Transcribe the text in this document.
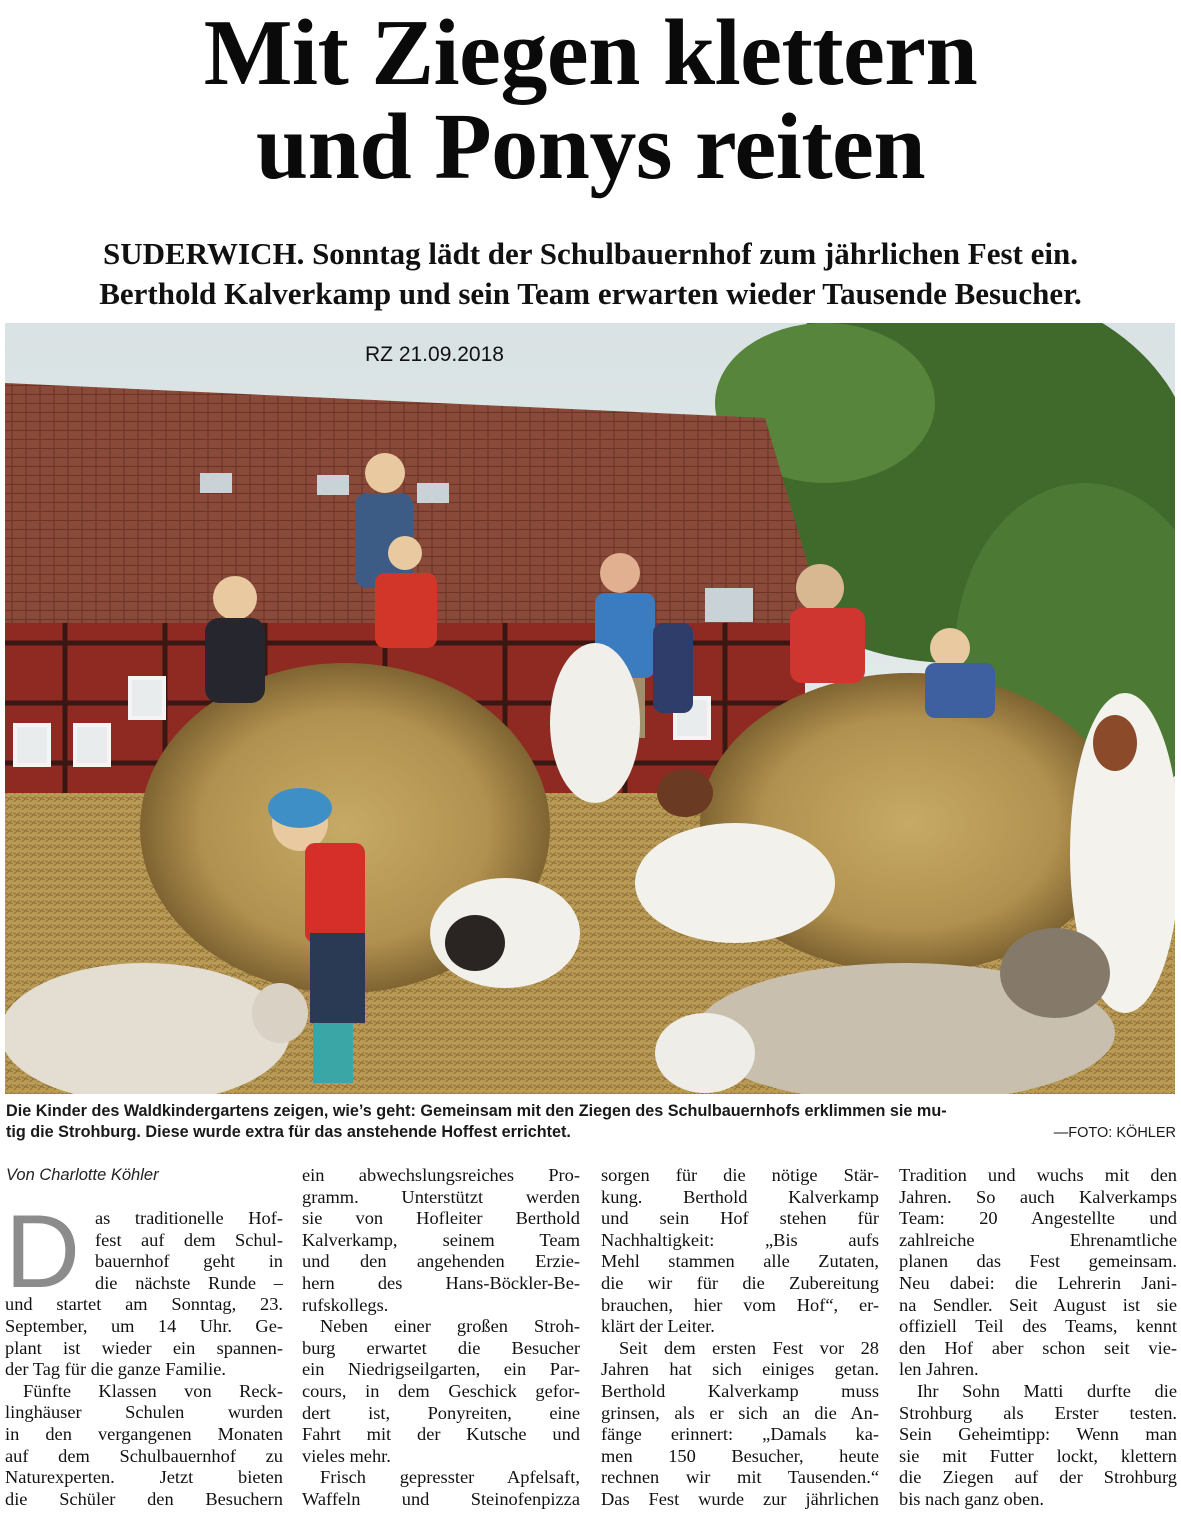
Mit Ziegen klettern
und Ponys reiten
SUDERWICH. Sonntag lädt der Schulbauernhof zum jährlichen Fest ein.
Berthold Kalverkamp und sein Team erwarten wieder Tausende Besucher.
RZ 21.09.2018
Die Kinder des Waldkindergartens zeigen, wie’s geht: Gemeinsam mit den Ziegen des Schulbauernhofs erklimmen sie mu-
tig die Strohburg. Diese wurde extra für das anstehende Hoffest errichtet.	—FOTO: KÖHLER
Von Charlotte Köhler
D as traditionelle Hof-
fest auf dem Schul-
bauernhof geht in
die nächste Runde –
und startet am Sonntag, 23.
September, um 14 Uhr. Ge-
plant ist wieder ein spannen-
der Tag für die ganze Familie.
Fünfte Klassen von Reck-
linghäuser Schulen wurden
in den vergangenen Monaten
auf dem Schulbauernhof zu
Naturexperten. Jetzt bieten
die Schüler den Besuchern
ein abwechslungsreiches Pro-
gramm. Unterstützt werden
sie von Hofleiter Berthold
Kalverkamp, seinem Team
und den angehenden Erzie-
hern des Hans-Böckler-Be-
rufskollegs.
Neben einer großen Stroh-
burg erwartet die Besucher
ein Niedrigseilgarten, ein Par-
cours, in dem Geschick gefor-
dert ist, Ponyreiten, eine
Fahrt mit der Kutsche und
vieles mehr.
Frisch gepresster Apfelsaft,
Waffeln und Steinofenpizza
sorgen für die nötige Stär-
kung. Berthold Kalverkamp
und sein Hof stehen für
Nachhaltigkeit: „Bis aufs
Mehl stammen alle Zutaten,
die wir für die Zubereitung
brauchen, hier vom Hof“, er-
klärt der Leiter.
Seit dem ersten Fest vor 28
Jahren hat sich einiges getan.
Berthold Kalverkamp muss
grinsen, als er sich an die An-
fänge erinnert: „Damals ka-
men 150 Besucher, heute
rechnen wir mit Tausenden.“
Das Fest wurde zur jährlichen
Tradition und wuchs mit den
Jahren. So auch Kalverkamps
Team: 20 Angestellte und
zahlreiche Ehrenamtliche
planen das Fest gemeinsam.
Neu dabei: die Lehrerin Jani-
na Sendler. Seit August ist sie
offiziell Teil des Teams, kennt
den Hof aber schon seit vie-
len Jahren.
Ihr Sohn Matti durfte die
Strohburg als Erster testen.
Sein Geheimtipp: Wenn man
sie mit Futter lockt, klettern
die Ziegen auf der Strohburg
bis nach ganz oben.
